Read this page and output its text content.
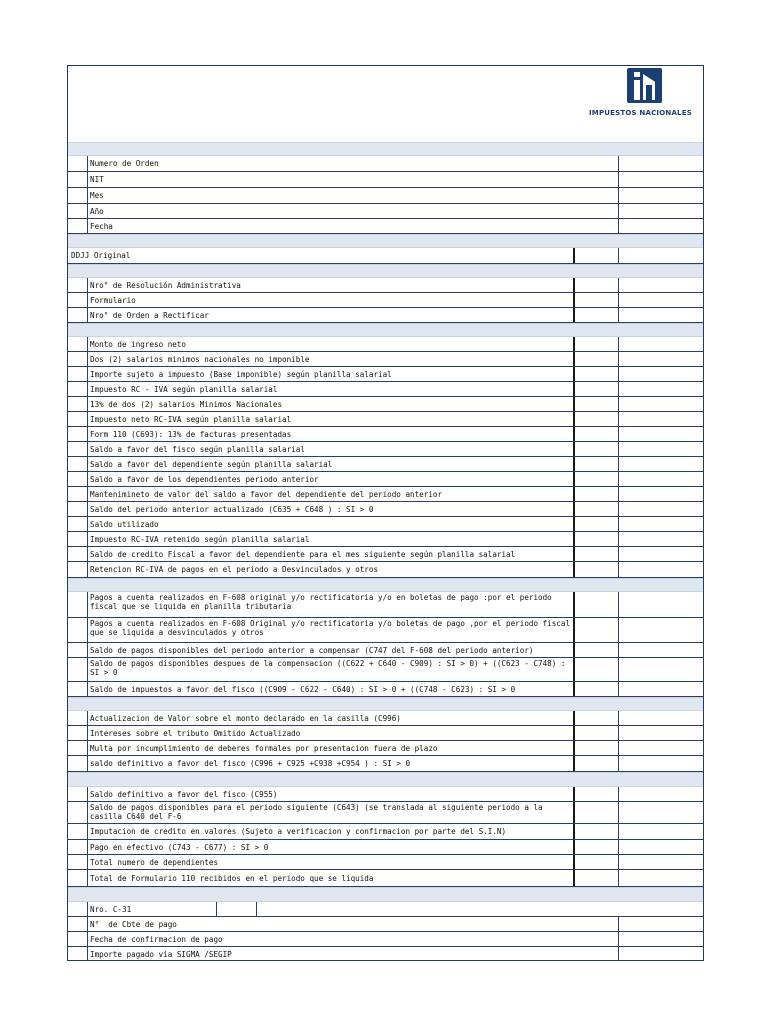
IMPUESTOS NACIONALES
Numero de Orden
NIT
Mes
Año
Fecha
DDJJ Original
Nro° de Resolución Administrativa
Formulario
Nro° de Orden a Rectificar
Monto de ingreso neto
Dos (2) salarios minimos nacionales no imponible
Importe sujeto a impuesto (Base imponible) según planilla salarial
Impuesto RC - IVA según planilla salarial
13% de dos (2) salarios Minimos Nacionales
Impuesto neto RC-IVA según planilla salarial
Form 110 (C693): 13% de facturas presentadas
Saldo a favor del fisco según planilla salarial
Saldo a favor del dependiente según planilla salarial
Saldo a favor de los dependientes periodo anterior
Mantenimineto de valor del saldo a favor del dependiente del periodo anterior
Saldo del periodo anterior actualizado (C635 + C648 ) : SI > 0
Saldo utilizado
Impuesto RC-IVA retenido según planilla salarial
Saldo de credito Fiscal a favor del dependiente para el mes siguiente según planilla salarial
Retencion RC-IVA de pagos en el periodo a Desvinculados y otros
Pagos a cuenta realizados en F-608 original y/o rectificatoria y/o en boletas de pago :por el periodo fiscal que se liquida en planilla tributaria
Pagos a cuenta realizados en F-608 Original y/o rectificatoria y/o boletas de pago ,por el periodo fiscal que se liquida a desvinculados y otros
Saldo de pagos disponibles del periodo anterior a compensar (C747 del F-608 del periodo anterior)
Saldo de pagos disponibles despues de la compensacion ((C622 + C640 - C909) : SI > 0) + ((C623 - C748) : SI > 0
Saldo de impuestos a favor del fisco ((C909 - C622 - C640) : SI > 0 + ((C748 - C623) : SI > 0
Actualizacion de Valor sobre el monto declarado en la casilla (C996)
Intereses sobre el tributo Omitido Actualizado
Multa por incumplimiento de deberes formales por presentacion fuera de plazo
saldo definitivo a favor del fisco (C996 + C925 +C938 +C954 ) : SI > 0
Saldo definitivo a favor del fisco (C955)
Saldo de pagos disponibles para el periodo siguiente (C643) (se translada al siguiente periodo a la casilla C640 del F-6
Imputacion de credito en valores (Sujeto a verificacion y confirmacion por parte del S.I.N)
Pago en efectivo (C743 - C677) : SI > 0
Total numero de dependientes
Total de Formulario 110 recibidos en el periodo que se liquida
Nro. C-31
N°  de Cbte de pago
Fecha de confirmacion de pago
Importe pagado via SIGMA /SEGIP
